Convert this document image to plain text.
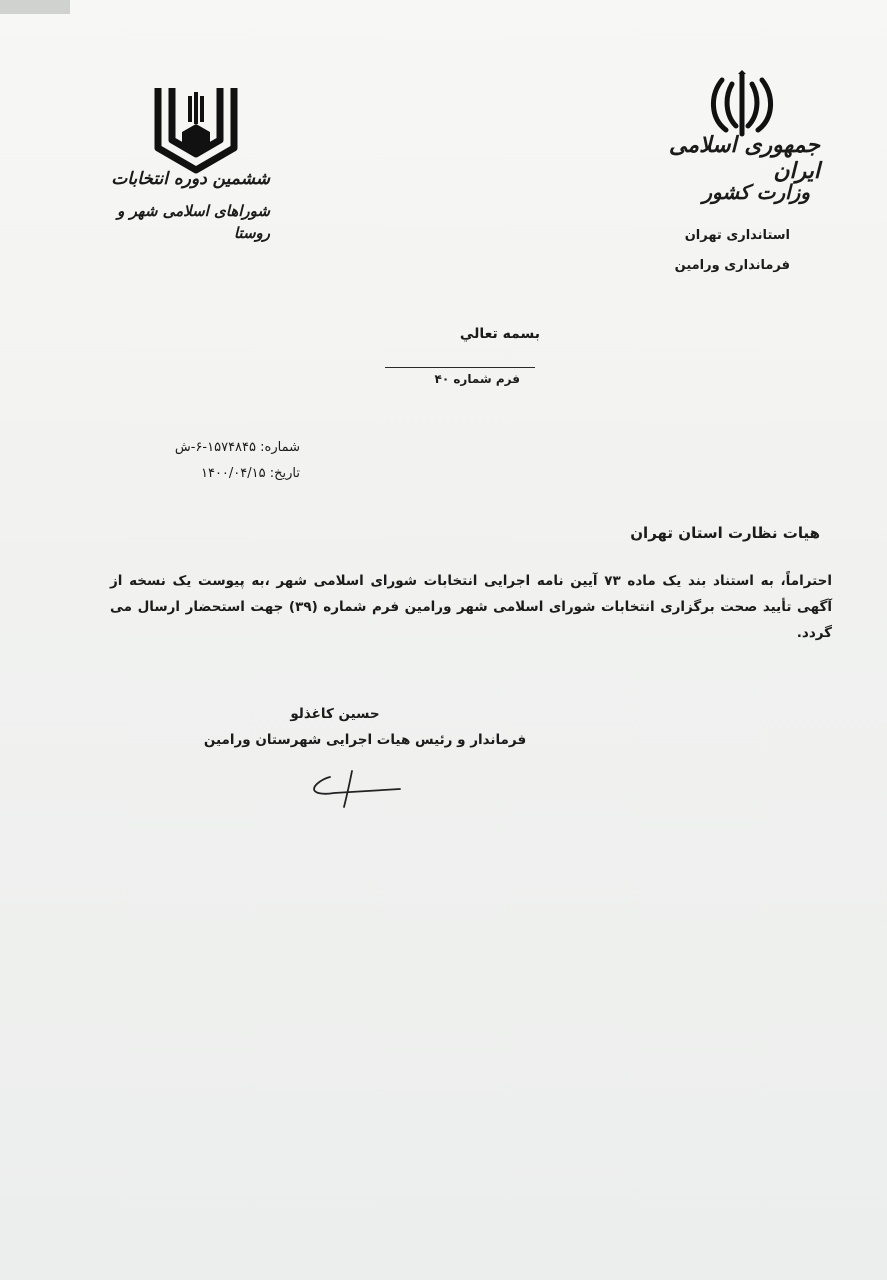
جمهوری اسلامی ایران
وزارت کشور
استانداری تهران
فرمانداری ورامین
ششمین دوره انتخابات
شوراهای اسلامی شهر و روستا
بسمه تعالي
فرم شماره ۴۰
شماره: ۱۵۷۴۸۴۵-۶-ش
تاریخ: ۱۴۰۰/۰۴/۱۵
هیات نظارت استان تهران
احتراماً، به استناد بند یک ماده ۷۳ آیین نامه اجرایی انتخابات شورای اسلامی شهر ،به پیوست یک نسخه از آگهی تأیید صحت برگزاری انتخابات شورای اسلامی شهر ورامین فرم شماره (۳۹) جهت استحضار ارسال می گردد.
حسین کاغذلو
فرماندار و رئیس هیات اجرایی شهرستان ورامین
